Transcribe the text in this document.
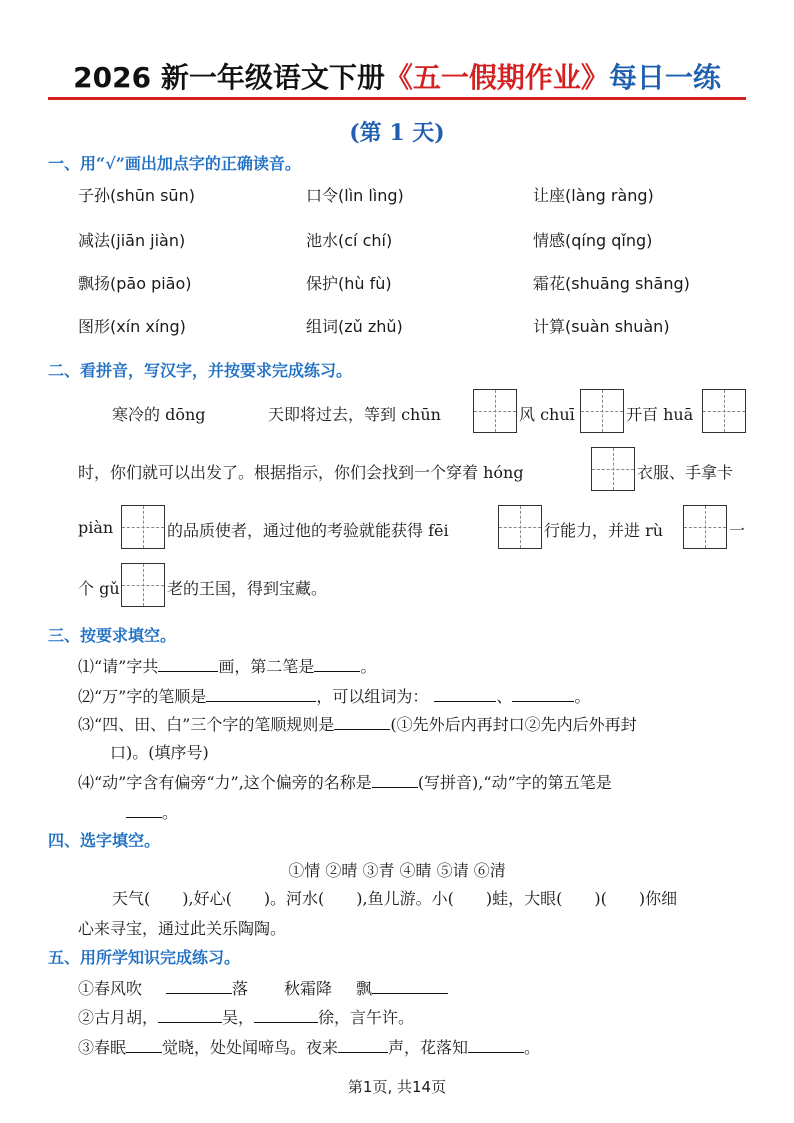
2026 新一年级语文下册《五一假期作业》每日一练
(第 1 天)
一、用“√”画出加点字的正确读音。
子孙(shūn sūn)	口令(lìn lìng)	让座(làng ràng)
减法(jiān jiàn)	池水(cí chí)	情感(qíng qǐng)
飘扬(pāo piāo)	保护(hù fù)	霜花(shuāng shāng)
图形(xín xíng)	组词(zǔ zhǔ)	计算(suàn shuàn)
二、看拼音，写汉字，并按要求完成练习。
寒冷的 dōng	天即将过去，等到 chūn	风 chuī	开百 huā
时，你们就可以出发了。根据指示，你们会找到一个穿着 hóng	衣服、手拿卡
piàn	的品质使者，通过他的考验就能获得 fēi	行能力，并进 rù	一
个 gǔ	老的王国，得到宝藏。
三、按要求填空。
⑴“请”字共	画，第二笔是	。
⑵“万”字的笔顺是	，可以组词为：	、	。
⑶“四、田、白”三个字的笔顺规则是	(①先外后内再封口②先内后外再封
口)。(填序号)
⑷“动”字含有偏旁“力”,这个偏旁的名称是	(写拼音),“动”字的第五笔是
。
四、选字填空。
①情 ②晴 ③青 ④睛 ⑤请 ⑥清
天气(　　),好心(　　)。河水(　　),鱼儿游。小(　　)蛙，大眼(　　)(　　)你细
心来寻宝，通过此关乐陶陶。
五、用所学知识完成练习。
①春风吹	落 秋霜降 飘
②古月胡，	吴，	徐，言午许。
③春眠 觉晓，处处闻啼鸟。夜来	声，花落知	。
第1页, 共14页
